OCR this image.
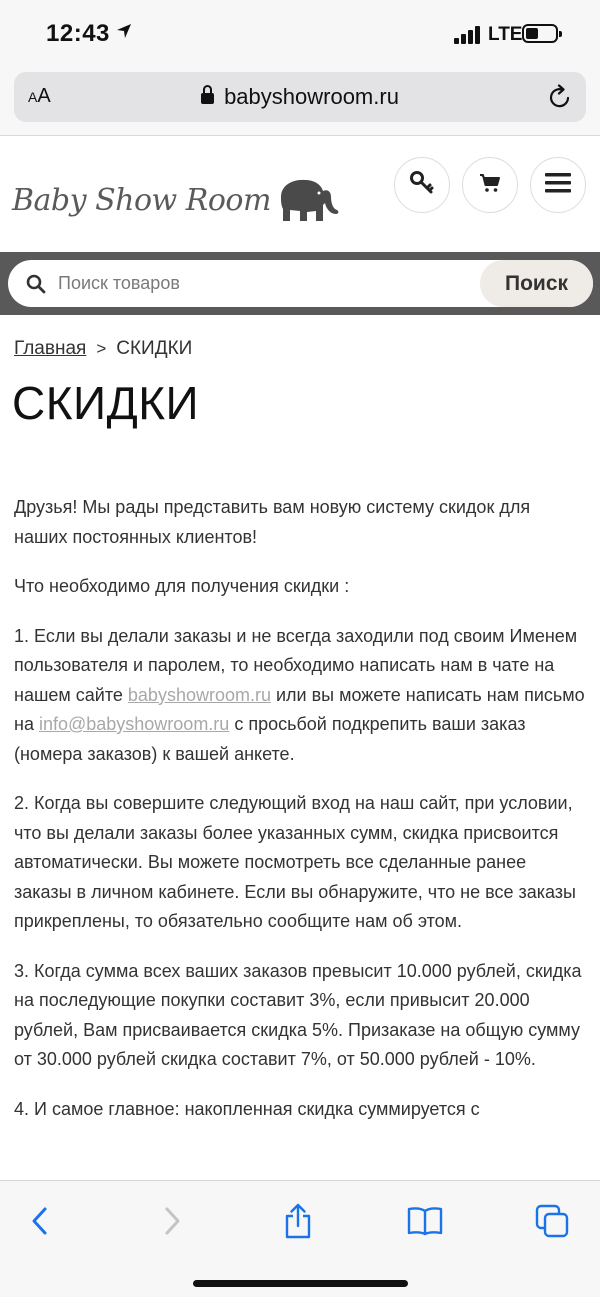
12:43	LTE
AA	babyshowroom.ru
Baby Show Room
Поиск товаров
Поиск
Главная > СКИДКИ
СКИДКИ

Друзья! Мы рады представить вам новую систему скидок для наших постоянных клиентов!

Что необходимо для получения скидки :

1. Если вы делали заказы и не всегда заходили под своим Именем пользователя и паролем, то необходимо написать нам в чате на нашем сайте babyshowroom.ru или вы можете написать нам письмо на info@babyshowroom.ru с просьбой подкрепить ваши заказ (номера заказов) к вашей анкете.

2. Когда вы совершите следующий вход на наш сайт, при условии, что вы делали заказы более указанных сумм, скидка присвоится автоматически. Вы можете посмотреть все сделанные ранее заказы в личном кабинете. Если вы обнаружите, что не все заказы прикреплены, то обязательно сообщите нам об этом.

3. Когда сумма всех ваших заказов превысит 10.000 рублей, скидка на последующие покупки составит 3%, если привысит 20.000 рублей, Вам присваивается скидка 5%. Призаказе на общую сумму от 30.000 рублей скидка составит 7%, от 50.000 рублей - 10%.

4. И самое главное: накопленная скидка суммируется с
